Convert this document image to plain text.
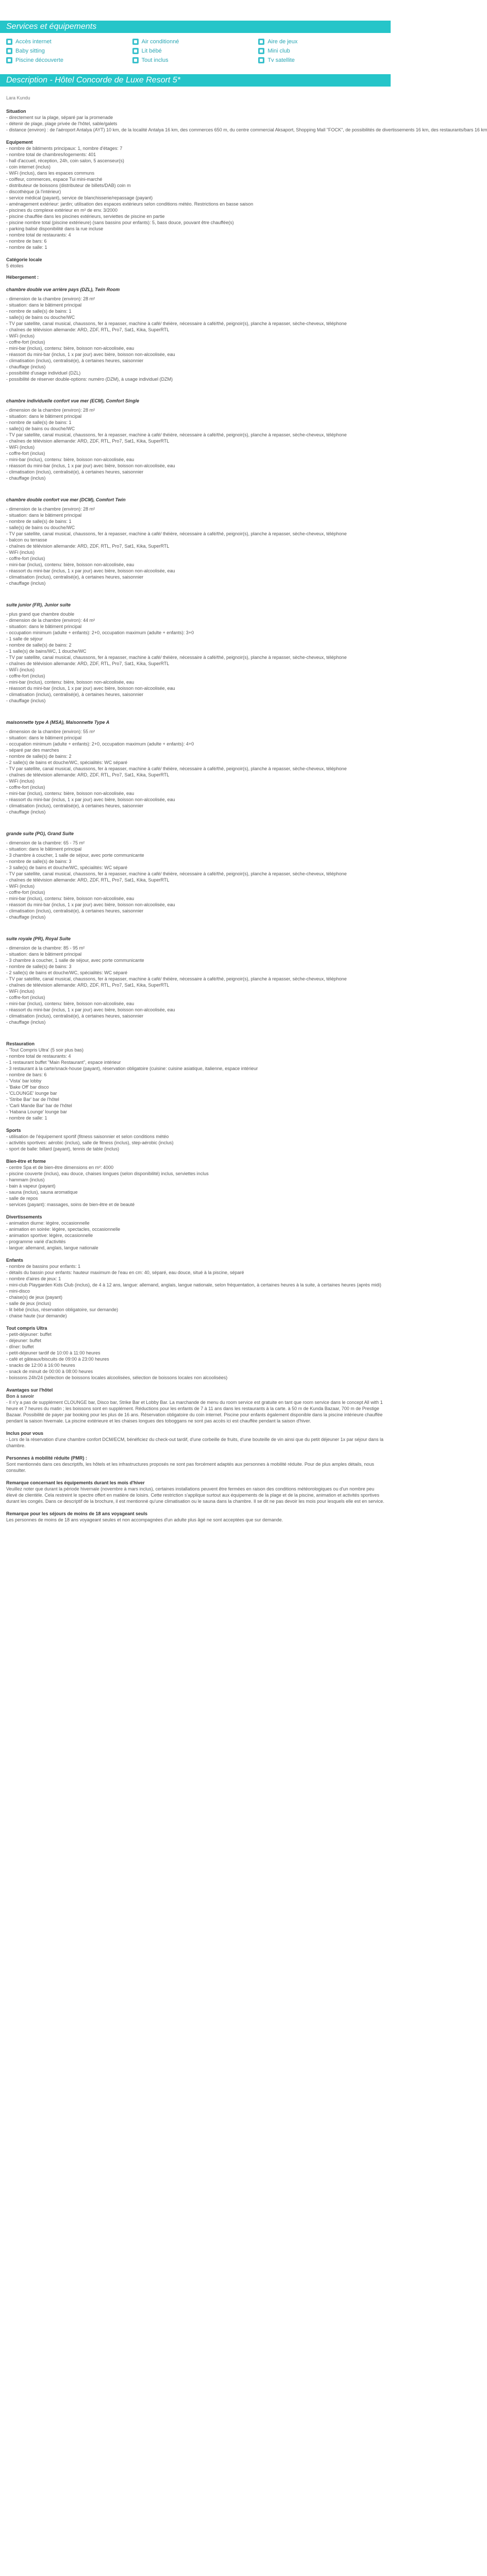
Services et équipements
Accès internet	Air conditionné	Aire de jeux
Baby sitting	Lit bébé	Mini club
Piscine découverte	Tout inclus	Tv satellite
Description - Hôtel Concorde de Luxe Resort 5*
Lara Kundu
Situation
- directement sur la plage, séparé par la promenade
- détenir de plage, plage privée de l'hôtel, sable/galets
- distance (environ) : de l'aéroport Antalya (AYT) 10 km, de la localité Antalya 16 km, des commerces 650 m, du centre commercial Aksaport, Shopping Mall "FOCK", de possibilités de divertissements 16 km, des restaurants/bars 16 km
Equipement
- nombre de bâtiments principaux: 1, nombre d'étages: 7
- nombre total de chambres/logements: 401
- hall d'accueil, réception, 24h, coin salon, 5 ascenseur(s)
- coin internet (inclus)
- WiFi (inclus), dans les espaces communs
- coiffeur, commerces, espace Tui mini-marché
- distributeur de boissons (distributeur de billets/DAB) coin m
- discothèque (à l'intérieur)
- service médical (payant), service de blanchisserie/repassage (payant)
- aménagement extérieur: jardin; utilisation des espaces extérieurs selon conditions météo. Restrictions en basse saison
- piscines du complexe extérieur en m² de env. 3/2000
- piscine chauffée dans les piscines extérieurs, serviettes de piscine en partie
- piscine nombre total (piscine extérieure) (sans bassins pour enfants): 5, bass douce, pouvant être chauffée(s)
- parking balisé disponibilité dans la rue incluse
- nombre total de restaurants: 4
- nombre de bars: 6
- nombre de salle: 1
Catégorie locale
5 étoiles
Hébergement :
chambre double vue arrière pays (DZL), Twin Room
- dimension de la chambre (environ): 28 m²
- situation: dans le bâtiment principal
- nombre de salle(s) de bains: 1
- salle(s) de bains ou douche/WC
- TV par satellite, canal musical, chaussons, fer à repasser, machine à café/ théière, nécessaire à café/thé, peignoir(s), planche à repasser, sèche-cheveux, téléphone
- chaînes de télévision allemande: ARD, ZDF, RTL, Pro7, Sat1, Kika, SuperRTL
- WiFi (inclus)
- coffre-fort (inclus)
- mini-bar (inclus), contenu: bière, boisson non-alcoolisée, eau
- réassort du mini-bar (inclus, 1 x par jour) avec bière, boisson non-alcoolisée, eau
- climatisation (inclus), centralisé(e), à certaines heures, saisonnier
- chauffage (inclus)
- possibilité d'usage individuel (DZL)
- possibilité de réserver double-options: numéro (DZM), à usage individuel (DZM)
chambre individuelle confort vue mer (ECM), Comfort Single
- dimension de la chambre (environ): 28 m²
- situation: dans le bâtiment principal
- nombre de salle(s) de bains: 1
- salle(s) de bains ou douche/WC
- TV par satellite, canal musical, chaussons, fer à repasser, machine à café/ théière, nécessaire à café/thé, peignoir(s), planche à repasser, sèche-cheveux, téléphone
- chaînes de télévision allemande: ARD, ZDF, RTL, Pro7, Sat1, Kika, SuperRTL
- WiFi (inclus)
- coffre-fort (inclus)
- mini-bar (inclus), contenu: bière, boisson non-alcoolisée, eau
- réassort du mini-bar (inclus, 1 x par jour) avec bière, boisson non-alcoolisée, eau
- climatisation (inclus), centralisé(e), à certaines heures, saisonnier
- chauffage (inclus)
chambre double confort vue mer (DCM), Comfort Twin
- dimension de la chambre (environ): 28 m²
- situation: dans le bâtiment principal
- nombre de salle(s) de bains: 1
- salle(s) de bains ou douche/WC
- TV par satellite, canal musical, chaussons, fer à repasser, machine à café/ théière, nécessaire à café/thé, peignoir(s), planche à repasser, sèche-cheveux, téléphone
- balcon ou terrasse
- chaînes de télévision allemande: ARD, ZDF, RTL, Pro7, Sat1, Kika, SuperRTL
- WiFi (inclus)
- coffre-fort (inclus)
- mini-bar (inclus), contenu: bière, boisson non-alcoolisée, eau
- réassort du mini-bar (inclus, 1 x par jour) avec bière, boisson non-alcoolisée, eau
- climatisation (inclus), centralisé(e), à certaines heures, saisonnier
- chauffage (inclus)
suite junior (FR), Junior suite
- plus grand que chambre double
- dimension de la chambre (environ): 44 m²
- situation: dans le bâtiment principal
- occupation minimum (adulte + enfants): 2+0, occupation maximum (adulte + enfants): 3+0
- 1 salle de séjour
- nombre de salle(s) de bains: 2
- 1 salle(s) de bains/WC, 1 douche/WC
- TV par satellite, canal musical, chaussons, fer à repasser, machine à café/ théière, nécessaire à café/thé, peignoir(s), planche à repasser, sèche-cheveux, téléphone
- chaînes de télévision allemande: ARD, ZDF, RTL, Pro7, Sat1, Kika, SuperRTL
- WiFi (inclus)
- coffre-fort (inclus)
- mini-bar (inclus), contenu: bière, boisson non-alcoolisée, eau
- réassort du mini-bar (inclus, 1 x par jour) avec bière, boisson non-alcoolisée, eau
- climatisation (inclus), centralisé(e), à certaines heures, saisonnier
- chauffage (inclus)
maisonnette type A (MSA), Maisonnette Type A
- dimension de la chambre (environ): 55 m²
- situation: dans le bâtiment principal
- occupation minimum (adulte + enfants): 2+0, occupation maximum (adulte + enfants): 4+0
- séparé par des marches
- nombre de salle(s) de bains: 2
- 2 salle(s) de bains et douche/WC, spécialités: WC séparé
- TV par satellite, canal musical, chaussons, fer à repasser, machine à café/ théière, nécessaire à café/thé, peignoir(s), planche à repasser, sèche-cheveux, téléphone
- chaînes de télévision allemande: ARD, ZDF, RTL, Pro7, Sat1, Kika, SuperRTL
- WiFi (inclus)
- coffre-fort (inclus)
- mini-bar (inclus), contenu: bière, boisson non-alcoolisée, eau
- réassort du mini-bar (inclus, 1 x par jour) avec bière, boisson non-alcoolisée, eau
- climatisation (inclus), centralisé(e), à certaines heures, saisonnier
- chauffage (inclus)
grande suite (PG), Grand Suite
- dimension de la chambre: 65 - 75 m²
- situation: dans le bâtiment principal
- 3 chambre à coucher, 1 salle de séjour, avec porte communicante
- nombre de salle(s) de bains: 3
- 3 salle(s) de bains et douche/WC, spécialités: WC séparé
- TV par satellite, canal musical, chaussons, fer à repasser, machine à café/ théière, nécessaire à café/thé, peignoir(s), planche à repasser, sèche-cheveux, téléphone
- chaînes de télévision allemande: ARD, ZDF, RTL, Pro7, Sat1, Kika, SuperRTL
- WiFi (inclus)
- coffre-fort (inclus)
- mini-bar (inclus), contenu: bière, boisson non-alcoolisée, eau
- réassort du mini-bar (inclus, 1 x par jour) avec bière, boisson non-alcoolisée, eau
- climatisation (inclus), centralisé(e), à certaines heures, saisonnier
- chauffage (inclus)
suite royale (PR), Royal Suite
- dimension de la chambre: 85 - 95 m²
- situation: dans le bâtiment principal
- 3 chambre à coucher, 1 salle de séjour, avec porte communicante
- nombre de salle(s) de bains: 3
- 2 salle(s) de bains et douche/WC, spécialités: WC séparé
- TV par satellite, canal musical, chaussons, fer à repasser, machine à café/ théière, nécessaire à café/thé, peignoir(s), planche à repasser, sèche-cheveux, téléphone
- chaînes de télévision allemande: ARD, ZDF, RTL, Pro7, Sat1, Kika, SuperRTL
- WiFi (inclus)
- coffre-fort (inclus)
- mini-bar (inclus), contenu: bière, boisson non-alcoolisée, eau
- réassort du mini-bar (inclus, 1 x par jour) avec bière, boisson non-alcoolisée, eau
- climatisation (inclus), centralisé(e), à certaines heures, saisonnier
- chauffage (inclus)
Restauration
- 'Tout Compris Ultra' (5 soir plus bas)
- nombre total de restaurants: 4
- 1 restaurant buffet "Main Restaurant", espace intérieur
- 3 restaurant à la carte/snack-house (payant), réservation obligatoire (cuisine: cuisine asiatique, italienne, espace intérieur
- nombre de bars: 6
- 'Vista' bar lobby
- 'Bake Off' bar disco
- 'CLOUNGE' lounge bar
- 'Stribe Bar' bar de l'hôtel
- 'Carli Mande Bar' bar de l'hôtel
- 'Habana Lounge' lounge bar
- nombre de salle: 1
Sports
- utilisation de l'équipement sportif (fitness saisonnier et selon conditions météo
- activités sportives: aérobic (inclus), salle de fitness (inclus), step-aérobic (inclus)
- sport de balle: billard (payant), tennis de table (inclus)
Bien-être et forme
- centre Spa et de bien-être dimensions en m²: 4000
- piscine couverte (inclus), eau douce, chaises longues (selon disponibilité) inclus, serviettes inclus
- hammam (inclus)
- bain à vapeur (payant)
- sauna (inclus), sauna aromatique
- salle de repos
- services (payant): massages, soins de bien-être et de beauté
Divertissements
- animation diurne: légère, occasionnelle
- animation en soirée: légère, spectacles, occasionnelle
- animation sportive: légère, occasionnelle
- programme varié d'activités
- langue: allemand, anglais, langue nationale
Enfants
- nombre de bassins pour enfants: 1
- détails du bassin pour enfants: hauteur maximum de l'eau en cm: 40, séparé, eau douce, situé à la piscine, séparé
- nombre d'aires de jeux: 1
- mini-club Playgarden Kids Club (inclus), de 4 à 12 ans, langue: allemand, anglais, langue nationale, selon fréquentation, à certaines heures à la suite, à certaines heures (après midi)
- mini-disco
- chaise(s) de jeux (payant)
- salle de jeux (inclus)
- lit bébé (inclus, réservation obligatoire, sur demande)
- chaise haute (sur demande)
Tout compris Ultra
- petit-déjeuner: buffet
- déjeuner: buffet
- dîner: buffet
- petit-déjeuner tardif de 10:00 à 11:00 heures
- café et gâteaux/biscuits de 09:00 à 23:00 heures
- snacks de 12:00 à 16:00 heures
- snack de minuit de 00:00 à 08:00 heures
- boissons 24h/24 (sélection de boissons locales alcoolisées, sélection de boissons locales non alcoolisées)
Avantages sur l'hôtel
Bon à savoir
- Il n'y a pas de supplément CLOUNGE bar, Disco bar, Strike Bar et Lobby Bar. La marchande de menu du room service est gratuite en tant que room service dans le concept All with 1 heure et 7 heures du matin ; les boissons sont en supplément. Réductions pour les enfants de 7 à 11 ans dans les restaurants à la carte. à 50 m de Kunda Bazaar, 700 m de Prestige Bazaar. Possibilité de payer par booking pour les plus de 16 ans. Réservation obligatoire du coin internet. Piscine pour enfants également disponible dans la piscine intérieure chauffée pendant la saison hivernale. La piscine extérieure et les chaises longues des toboggans ne sont pas accès ici est chauffée pendant la saison d'hiver.
Inclus pour vous
- Lors de la réservation d'une chambre confort DCM/ECM, bénéficiez du check-out tardif, d'une corbeille de fruits, d'une bouteille de vin ainsi que du petit déjeuner 1x par séjour dans la chambre.
Personnes à mobilité réduite (PMR) :
Sont mentionnés dans ces descriptifs, les hôtels et les infrastructures proposés ne sont pas forcément adaptés aux personnes à mobilité réduite. Pour de plus amples détails, nous consulter.
Remarque concernant les équipements durant les mois d'hiver
Veuillez noter que durant la période hivernale (novembre à mars inclus), certaines installations peuvent être fermées en raison des conditions météorologiques ou d'un nombre peu élevé de clientèle. Cela restreint le spectre offert en matière de loisirs. Cette restriction s'applique surtout aux équipements de la plage et de la piscine, animation et activités sportives durant les congés. Dans ce descriptif de la brochure, il est mentionné qu'une climatisation ou le sauna dans la chambre. Il se dit ne pas devoir les mois pour lesquels elle est en service.
Remarque pour les séjours de moins de 18 ans voyageant seuls
Les personnes de moins de 18 ans voyageant seules et non accompagnées d'un adulte plus âgé ne sont acceptées que sur demande.
